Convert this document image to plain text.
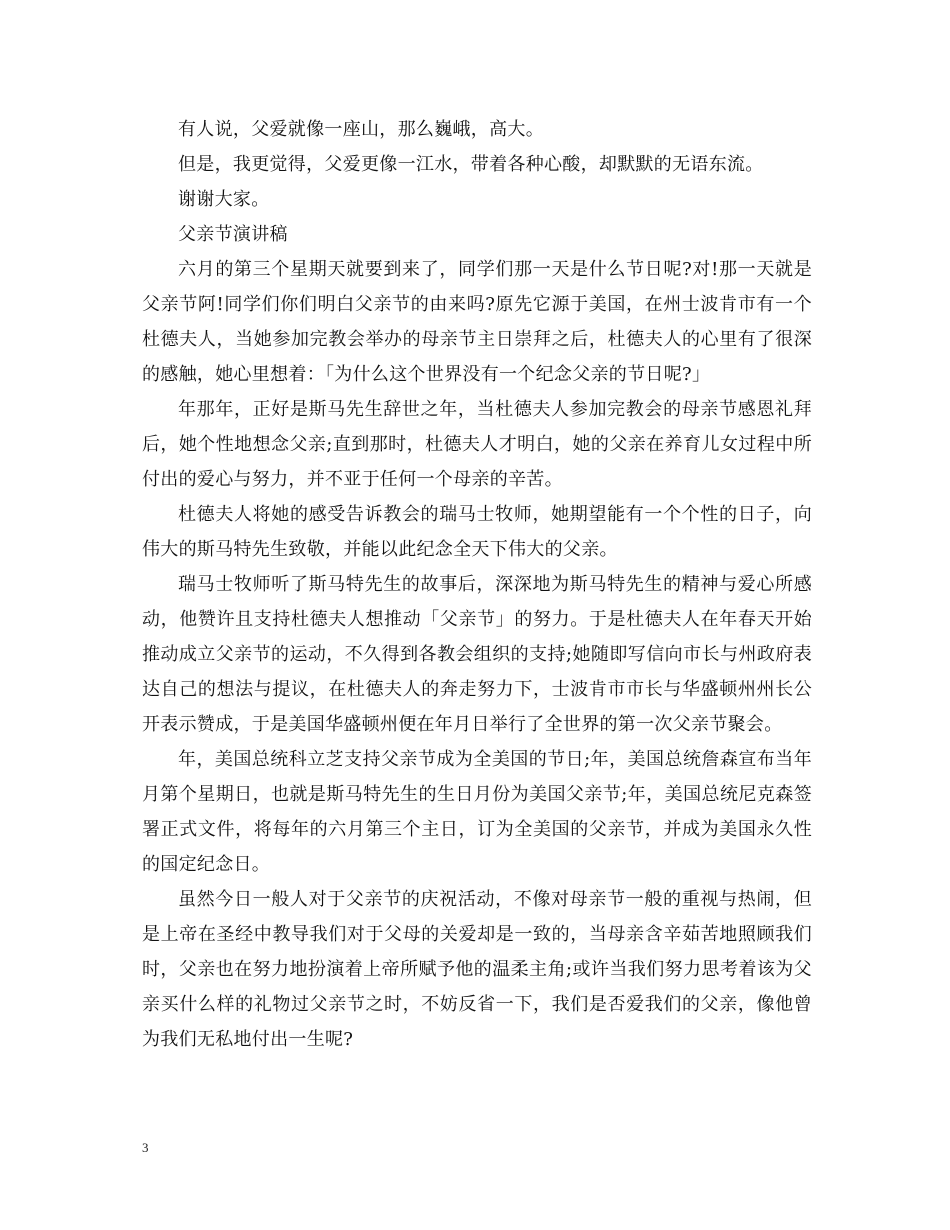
有人说，父爱就像一座山，那么巍峨，高大。

但是，我更觉得，父爱更像一江水，带着各种心酸，却默默的无语东流。

谢谢大家。

父亲节演讲稿

六月的第三个星期天就要到来了，同学们那一天是什么节日呢?对!那一天就是父亲节阿!同学们你们明白父亲节的由来吗?原先它源于美国，在州士波肯市有一个杜德夫人，当她参加完教会举办的母亲节主日崇拜之后，杜德夫人的心里有了很深的感触，她心里想着：「为什么这个世界没有一个纪念父亲的节日呢?」

年那年，正好是斯马先生辞世之年，当杜德夫人参加完教会的母亲节感恩礼拜后，她个性地想念父亲;直到那时，杜德夫人才明白，她的父亲在养育儿女过程中所付出的爱心与努力，并不亚于任何一个母亲的辛苦。

杜德夫人将她的感受告诉教会的瑞马士牧师，她期望能有一个个性的日子，向伟大的斯马特先生致敬，并能以此纪念全天下伟大的父亲。

瑞马士牧师听了斯马特先生的故事后，深深地为斯马特先生的精神与爱心所感动，他赞许且支持杜德夫人想推动「父亲节」的努力。于是杜德夫人在年春天开始推动成立父亲节的运动，不久得到各教会组织的支持;她随即写信向市长与州政府表达自己的想法与提议，在杜德夫人的奔走努力下，士波肯市市长与华盛顿州州长公开表示赞成，于是美国华盛顿州便在年月日举行了全世界的第一次父亲节聚会。

年，美国总统科立芝支持父亲节成为全美国的节日;年，美国总统詹森宣布当年月第个星期日，也就是斯马特先生的生日月份为美国父亲节;年，美国总统尼克森签署正式文件，将每年的六月第三个主日，订为全美国的父亲节，并成为美国永久性的国定纪念日。

虽然今日一般人对于父亲节的庆祝活动，不像对母亲节一般的重视与热闹，但是上帝在圣经中教导我们对于父母的关爱却是一致的，当母亲含辛茹苦地照顾我们时，父亲也在努力地扮演着上帝所赋予他的温柔主角;或许当我们努力思考着该为父亲买什么样的礼物过父亲节之时，不妨反省一下，我们是否爱我们的父亲，像他曾为我们无私地付出一生呢?

3
